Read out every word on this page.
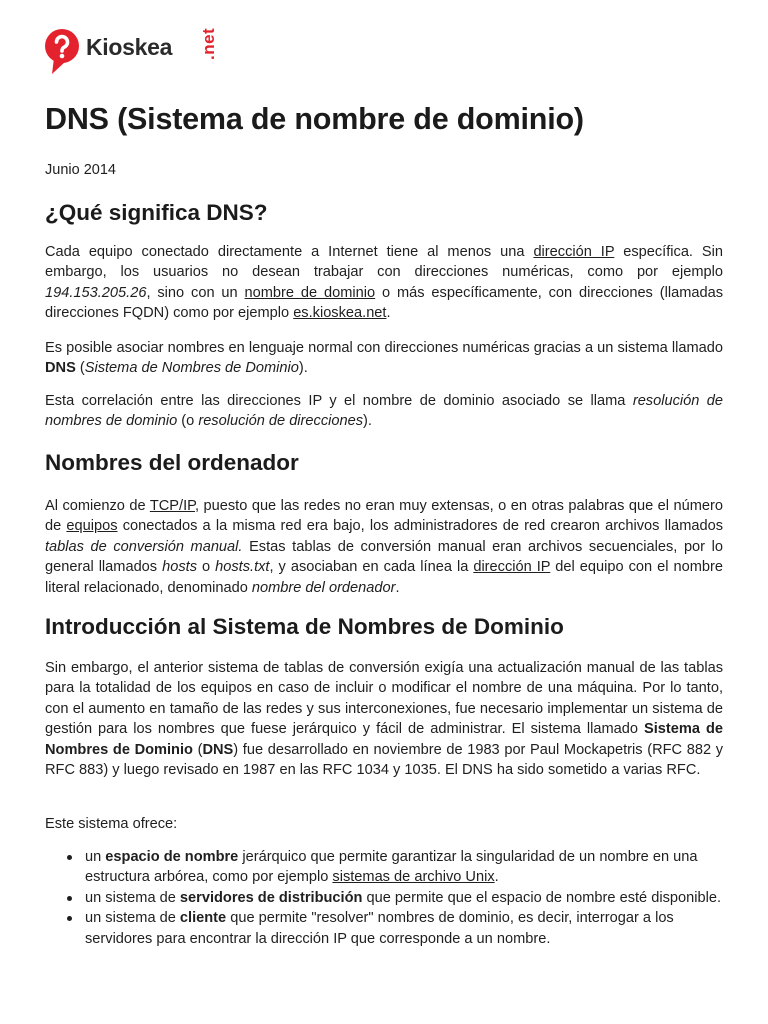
Kioskea .net
DNS (Sistema de nombre de dominio)
Junio 2014
¿Qué significa DNS?
Cada equipo conectado directamente a Internet tiene al menos una dirección IP específica. Sin embargo, los usuarios no desean trabajar con direcciones numéricas, como por ejemplo 194.153.205.26, sino con un nombre de dominio o más específicamente, con direcciones (llamadas direcciones FQDN) como por ejemplo es.kioskea.net.
Es posible asociar nombres en lenguaje normal con direcciones numéricas gracias a un sistema llamado DNS (Sistema de Nombres de Dominio).
Esta correlación entre las direcciones IP y el nombre de dominio asociado se llama resolución de nombres de dominio (o resolución de direcciones).
Nombres del ordenador
Al comienzo de TCP/IP, puesto que las redes no eran muy extensas, o en otras palabras que el número de equipos conectados a la misma red era bajo, los administradores de red crearon archivos llamados tablas de conversión manual. Estas tablas de conversión manual eran archivos secuenciales, por lo general llamados hosts o hosts.txt, y asociaban en cada línea la dirección IP del equipo con el nombre literal relacionado, denominado nombre del ordenador.
Introducción al Sistema de Nombres de Dominio
Sin embargo, el anterior sistema de tablas de conversión exigía una actualización manual de las tablas para la totalidad de los equipos en caso de incluir o modificar el nombre de una máquina. Por lo tanto, con el aumento en tamaño de las redes y sus interconexiones, fue necesario implementar un sistema de gestión para los nombres que fuese jerárquico y fácil de administrar. El sistema llamado Sistema de Nombres de Dominio (DNS) fue desarrollado en noviembre de 1983 por Paul Mockapetris (RFC 882 y RFC 883) y luego revisado en 1987 en las RFC 1034 y 1035. El DNS ha sido sometido a varias RFC.
Este sistema ofrece:
un espacio de nombre jerárquico que permite garantizar la singularidad de un nombre en una estructura arbórea, como por ejemplo sistemas de archivo Unix.
un sistema de servidores de distribución que permite que el espacio de nombre esté disponible.
un sistema de cliente que permite "resolver" nombres de dominio, es decir, interrogar a los servidores para encontrar la dirección IP que corresponde a un nombre.
